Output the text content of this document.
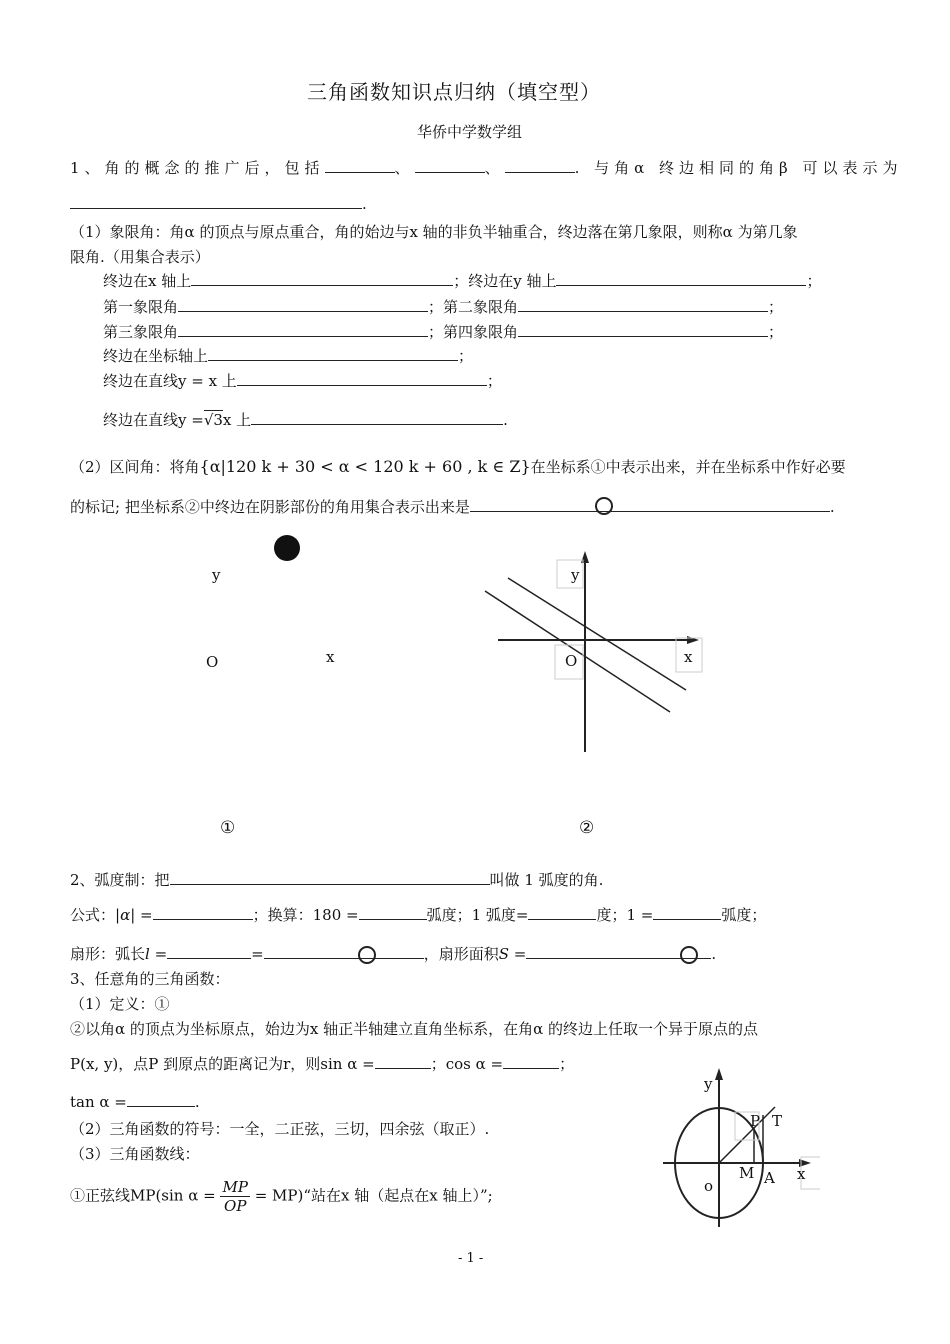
三角函数知识点归纳（填空型）
华侨中学数学组
1、角的概念的推广后，包括	、	、	. 与角α 终边相同的角β 可以表示为
.
（1）象限角：角α 的顶点与原点重合，角的始边与x 轴的非负半轴重合，终边落在第几象限，则称α 为第几象
限角.（用集合表示）
终边在x 轴上	；终边在y 轴上	；
第一象限角	；第二象限角	；
第三象限角	；第四象限角	；
终边在坐标轴上	；
终边在直线y = x 上	；
终边在直线y =√3x 上	.
（2）区间角：将角{α|120 k + 30 < α < 120 k + 60 , k ∈ Z}在坐标系①中表示出来，并在坐标系中作好必要
的标记; 把坐标系②中终边在阴影部份的角用集合表示出来是	.
y
O	x
①
y
O	x
②
2、弧度制：把	叫做 1 弧度的角.
公式：|α| =	；换算：180 =	弧度；1 弧度=	度；1 =	弧度；
扇形：弧长l =	=	，扇形面积S =	.
3、任意角的三角函数：
（1）定义：①
②以角α 的顶点为坐标原点，始边为x 轴正半轴建立直角坐标系，在角α 的终边上任取一个异于原点的点
P(x, y)，点P 到原点的距离记为r，则sin α =	；cos α =	；
tan α =	.
（2）三角函数的符号：一全，二正弦，三切，四余弦（取正）.
（3）三角函数线：
①正弦线MP(sin $\alpha = \frac{MP}{OP}$ = MP)“站在x 轴（起点在x 轴上）”;
y
P T
M A
o
x
- 1 -
